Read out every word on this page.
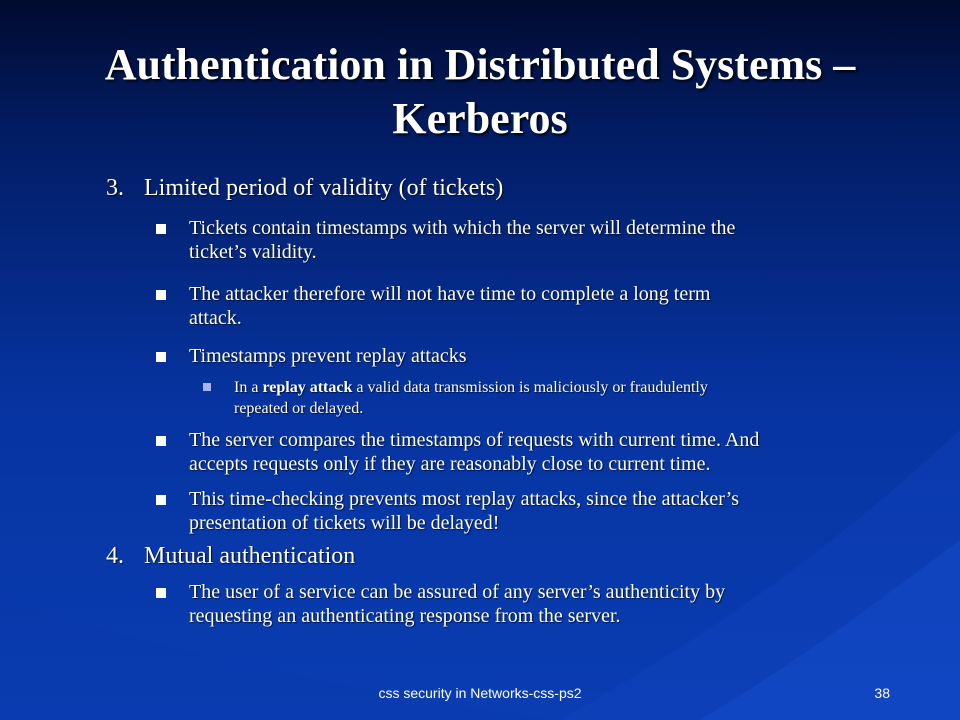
Authentication in Distributed Systems –
Kerberos
3. Limited period of validity (of tickets)
Tickets contain timestamps with which the server will determine the
ticket’s validity.
The attacker therefore will not have time to complete a long term
attack.
Timestamps prevent replay attacks
In a replay attack a valid data transmission is maliciously or fraudulently
repeated or delayed.
The server compares the timestamps of requests with current time. And
accepts requests only if they are reasonably close to current time.
This time-checking prevents most replay attacks, since the attacker’s
presentation of tickets will be delayed!
4. Mutual authentication
The user of a service can be assured of any server’s authenticity by
requesting an authenticating response from the server.
css security in Networks-css-ps2	38
